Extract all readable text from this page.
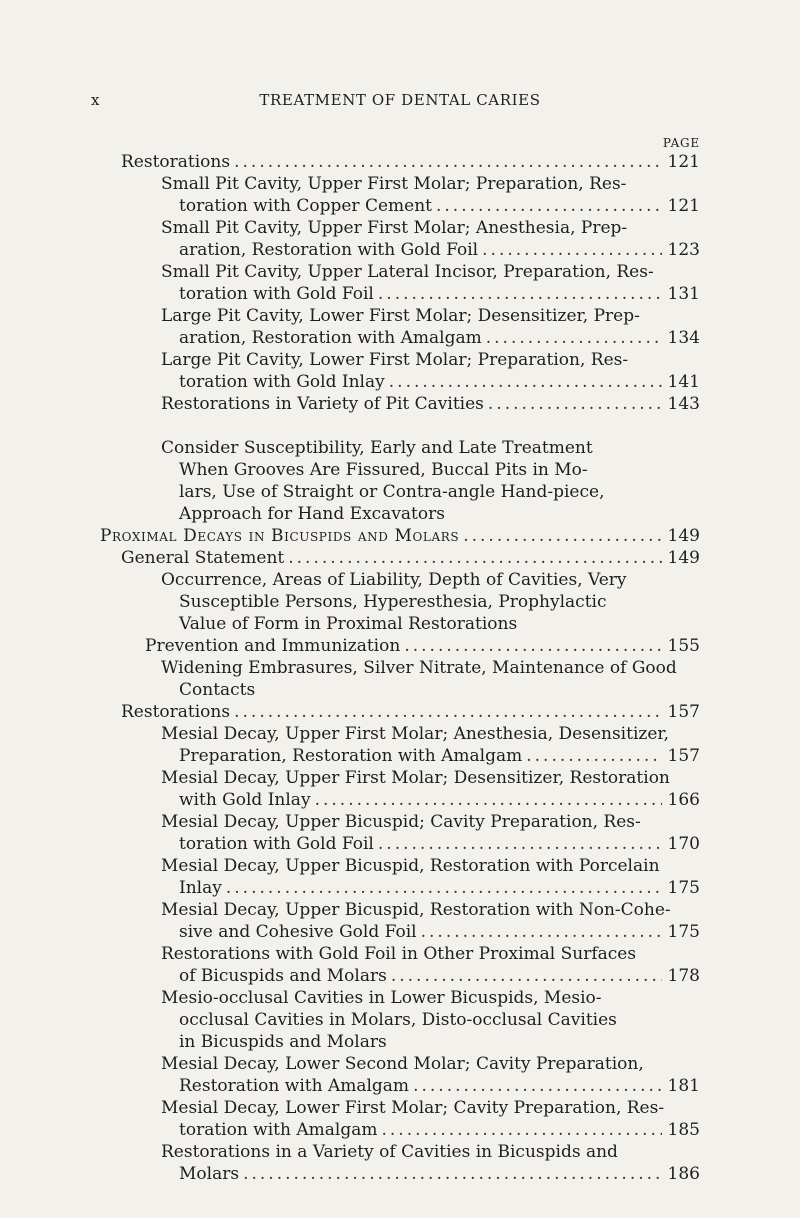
x	TREATMENT OF DENTAL CARIES
PAGE
Restorations . . .	121
Small Pit Cavity, Upper First Molar; Preparation, Res-
toration with Copper Cement . . .	121
Small Pit Cavity, Upper First Molar; Anesthesia, Prep-
aration, Restoration with Gold Foil . . .	123
Small Pit Cavity, Upper Lateral Incisor, Preparation, Res-
toration with Gold Foil . . .	131
Large Pit Cavity, Lower First Molar; Desensitizer, Prep-
aration, Restoration with Amalgam . . .	134
Large Pit Cavity, Lower First Molar; Preparation, Res-
toration with Gold Inlay . . .	141
Restorations in Variety of Pit Cavities . . .	143
Consider Susceptibility, Early and Late Treatment
When Grooves Are Fissured, Buccal Pits in Mo-
lars, Use of Straight or Contra-angle Hand-piece,
Approach for Hand Excavators
Proximal Decays in Bicuspids and Molars . . .	149
General Statement . . .	149
Occurrence, Areas of Liability, Depth of Cavities, Very
Susceptible Persons, Hyperesthesia, Prophylactic
Value of Form in Proximal Restorations
Prevention and Immunization . . .	155
Widening Embrasures, Silver Nitrate, Maintenance of Good
Contacts
Restorations . . .	157
Mesial Decay, Upper First Molar; Anesthesia, Desensitizer,
Preparation, Restoration with Amalgam . . .	157
Mesial Decay, Upper First Molar; Desensitizer, Restoration
with Gold Inlay . . .	166
Mesial Decay, Upper Bicuspid; Cavity Preparation, Res-
toration with Gold Foil . . .	170
Mesial Decay, Upper Bicuspid, Restoration with Porcelain
Inlay . . .	175
Mesial Decay, Upper Bicuspid, Restoration with Non-Cohe-
sive and Cohesive Gold Foil . . .	175
Restorations with Gold Foil in Other Proximal Surfaces
of Bicuspids and Molars . . .	178
Mesio-occlusal Cavities in Lower Bicuspids, Mesio-
occlusal Cavities in Molars, Disto-occlusal Cavities
in Bicuspids and Molars
Mesial Decay, Lower Second Molar; Cavity Preparation,
Restoration with Amalgam . . .	181
Mesial Decay, Lower First Molar; Cavity Preparation, Res-
toration with Amalgam . . .	185
Restorations in a Variety of Cavities in Bicuspids and
Molars . . .	186
